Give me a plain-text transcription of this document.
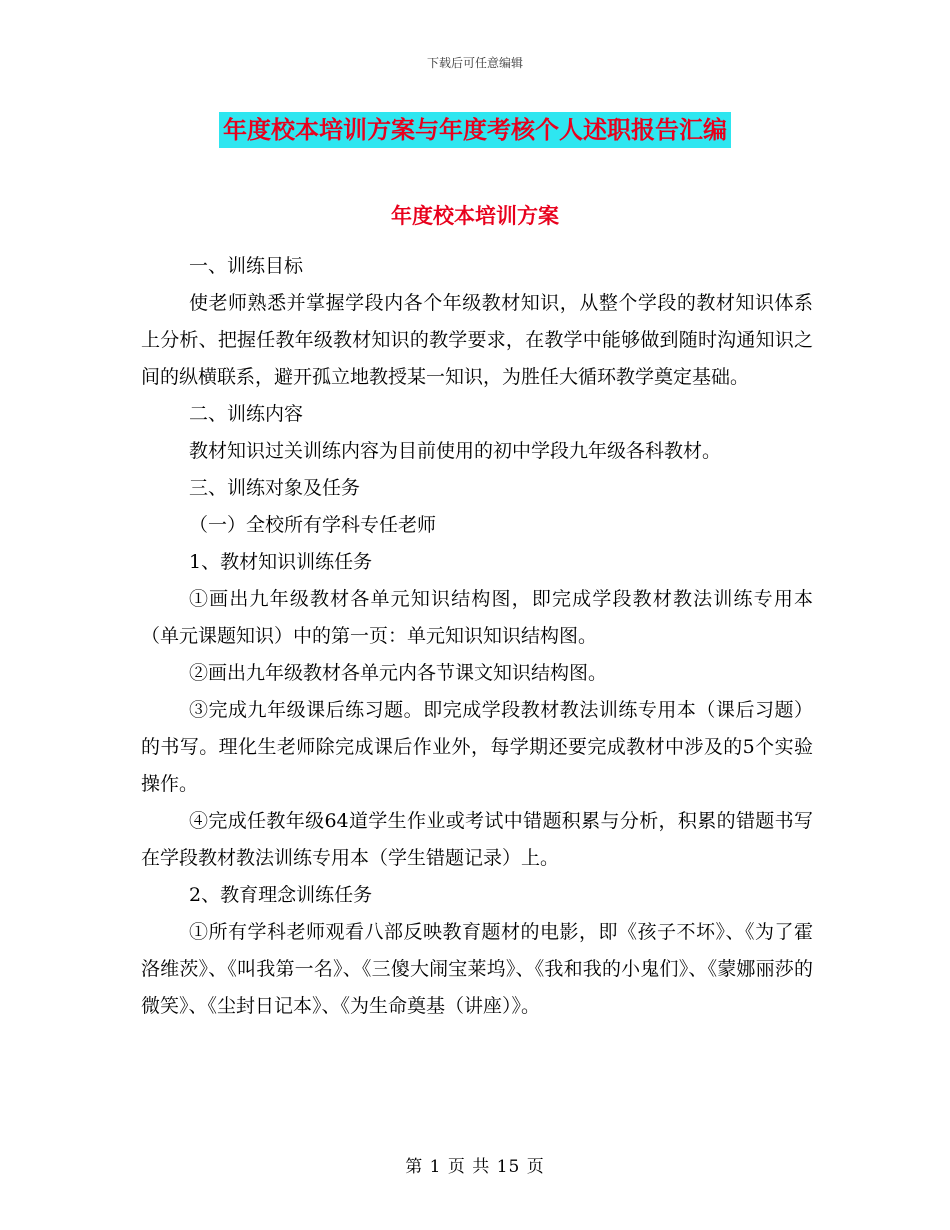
下载后可任意编辑
年度校本培训方案与年度考核个人述职报告汇编
年度校本培训方案

一、训练目标

使老师熟悉并掌握学段内各个年级教材知识，从整个学段的教材知识体系上分析、把握任教年级教材知识的教学要求，在教学中能够做到随时沟通知识之间的纵横联系，避开孤立地教授某一知识，为胜任大循环教学奠定基础。

二、训练内容

教材知识过关训练内容为目前使用的初中学段九年级各科教材。

三、训练对象及任务

（一）全校所有学科专任老师

1、教材知识训练任务

①画出九年级教材各单元知识结构图，即完成学段教材教法训练专用本（单元课题知识）中的第一页：单元知识知识结构图。

②画出九年级教材各单元内各节课文知识结构图。

③完成九年级课后练习题。即完成学段教材教法训练专用本（课后习题）的书写。理化生老师除完成课后作业外，每学期还要完成教材中涉及的5个实验操作。

④完成任教年级64道学生作业或考试中错题积累与分析，积累的错题书写在学段教材教法训练专用本（学生错题记录）上。

2、教育理念训练任务

①所有学科老师观看八部反映教育题材的电影，即《孩子不坏》、《为了霍洛维茨》、《叫我第一名》、《三傻大闹宝莱坞》、《我和我的小鬼们》、《蒙娜丽莎的微笑》、《尘封日记本》、《为生命奠基（讲座）》。

第 1 页 共 15 页
